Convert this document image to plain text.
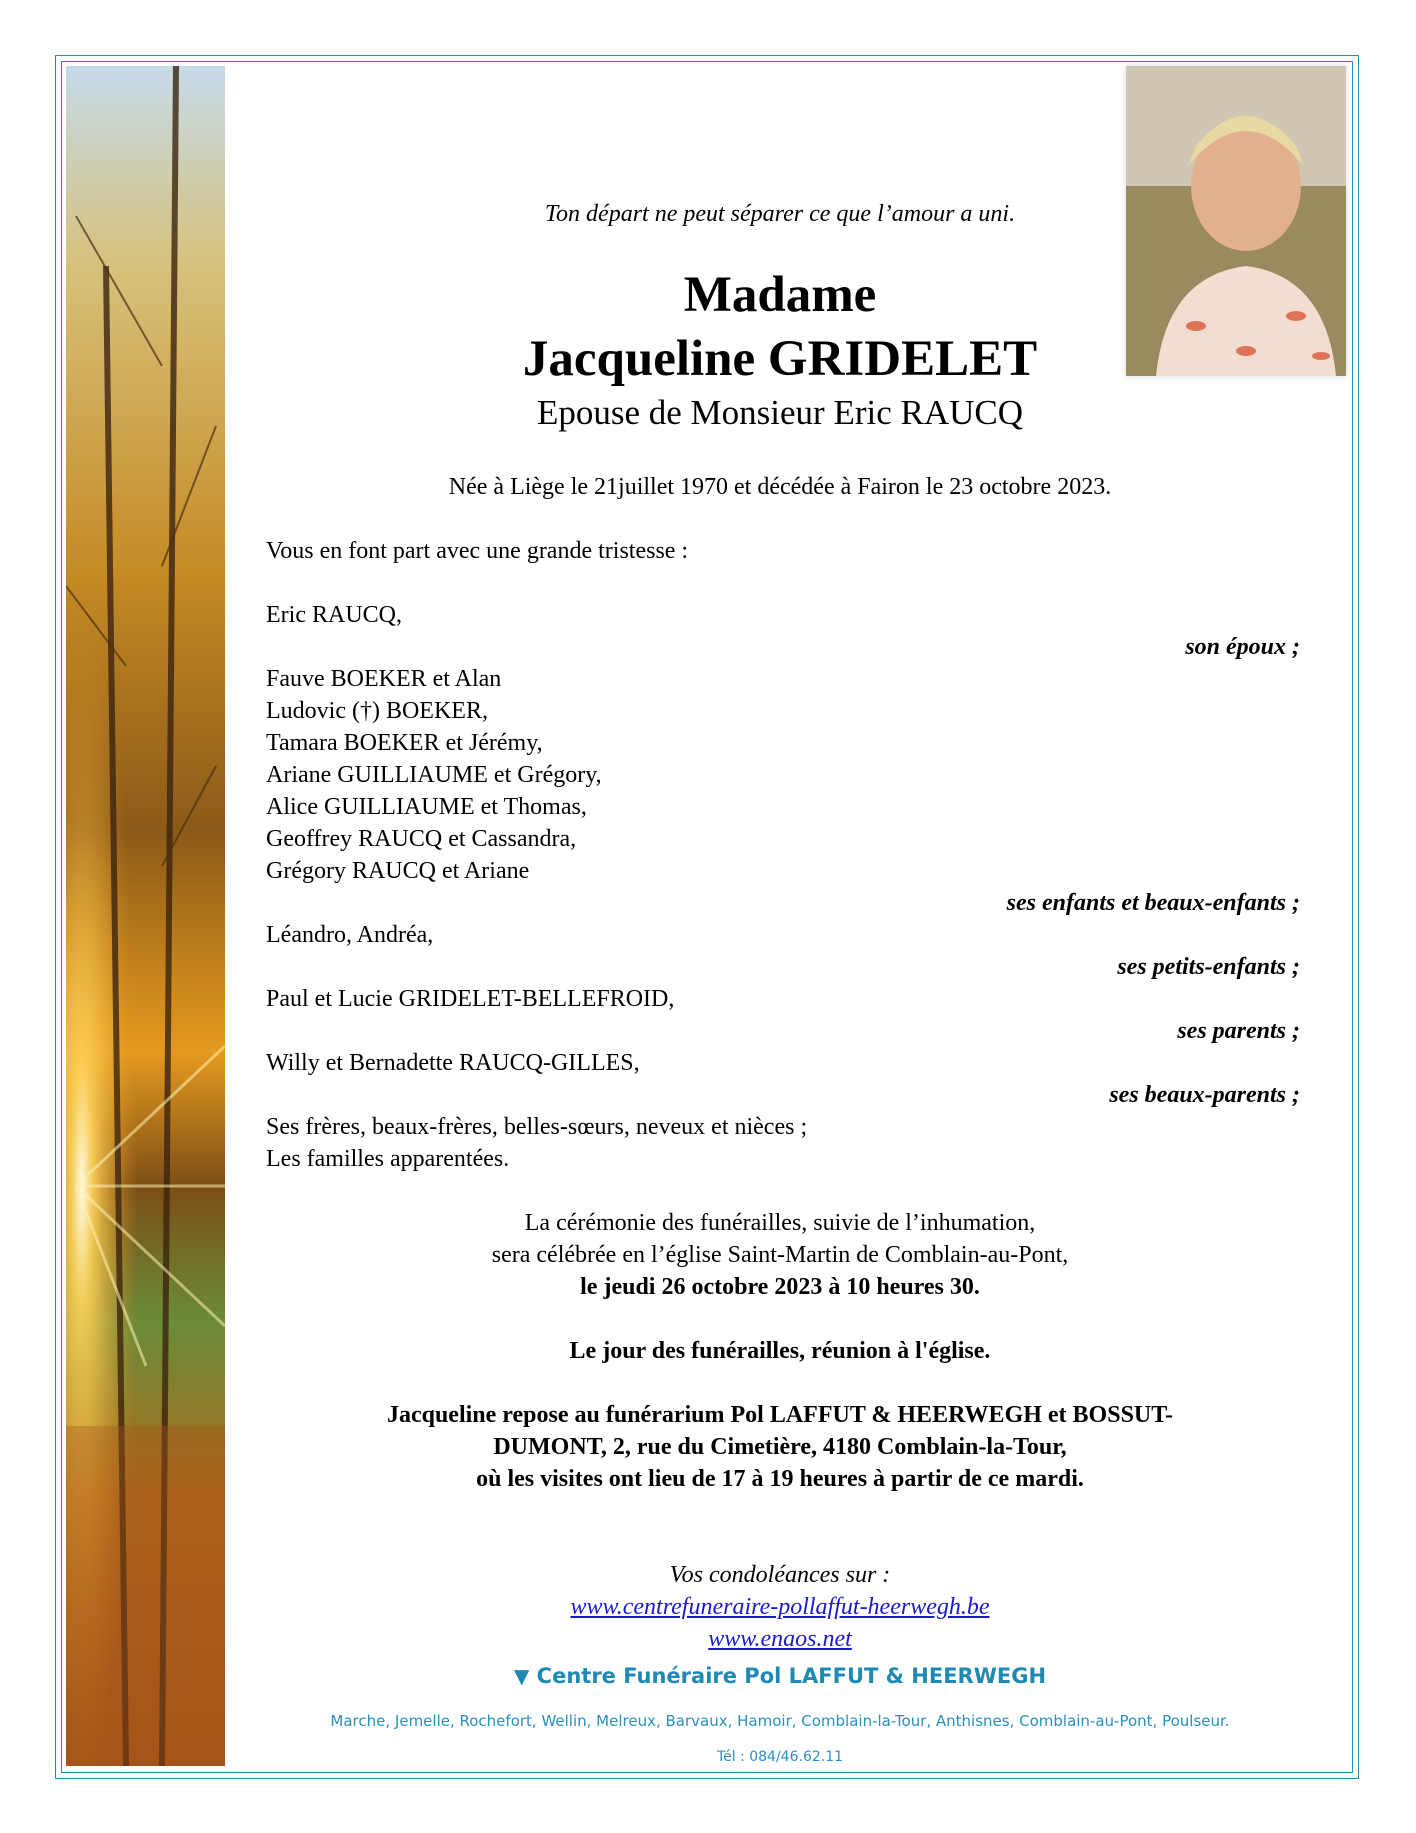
Ton départ ne peut séparer ce que l’amour a uni.
Madame
Jacqueline GRIDELET
Epouse de Monsieur Eric RAUCQ
Née à Liège le 21juillet 1970 et décédée à Fairon le 23 octobre 2023.
Vous en font part avec une grande tristesse :
Eric RAUCQ,
son époux ;
Fauve BOEKER et Alan
Ludovic (†) BOEKER,
Tamara BOEKER et Jérémy,
Ariane GUILLIAUME et Grégory,
Alice GUILLIAUME et Thomas,
Geoffrey RAUCQ et Cassandra,
Grégory RAUCQ et Ariane
ses enfants et beaux-enfants ;
Léandro, Andréa,
ses petits-enfants ;
Paul et Lucie GRIDELET-BELLEFROID,
ses parents ;
Willy et Bernadette RAUCQ-GILLES,
ses beaux-parents ;
Ses frères, beaux-frères, belles-sœurs, neveux et nièces ;
Les familles apparentées.
La cérémonie des funérailles, suivie de l’inhumation,
sera célébrée en l’église Saint-Martin de Comblain-au-Pont,
le jeudi 26 octobre 2023 à 10 heures 30.
Le jour des funérailles, réunion à l'église.
Jacqueline repose au funérarium Pol LAFFUT & HEERWEGH et BOSSUT-
DUMONT, 2, rue du Cimetière, 4180 Comblain-la-Tour,
où les visites ont lieu de 17 à 19 heures à partir de ce mardi.
Vos condoléances sur :
www.centrefuneraire-pollaffut-heerwegh.be
www.enaos.net
▼ Centre Funéraire Pol LAFFUT & HEERWEGH
Marche, Jemelle, Rochefort, Wellin, Melreux, Barvaux, Hamoir, Comblain-la-Tour, Anthisnes, Comblain-au-Pont, Poulseur.
Tél : 084/46.62.11
